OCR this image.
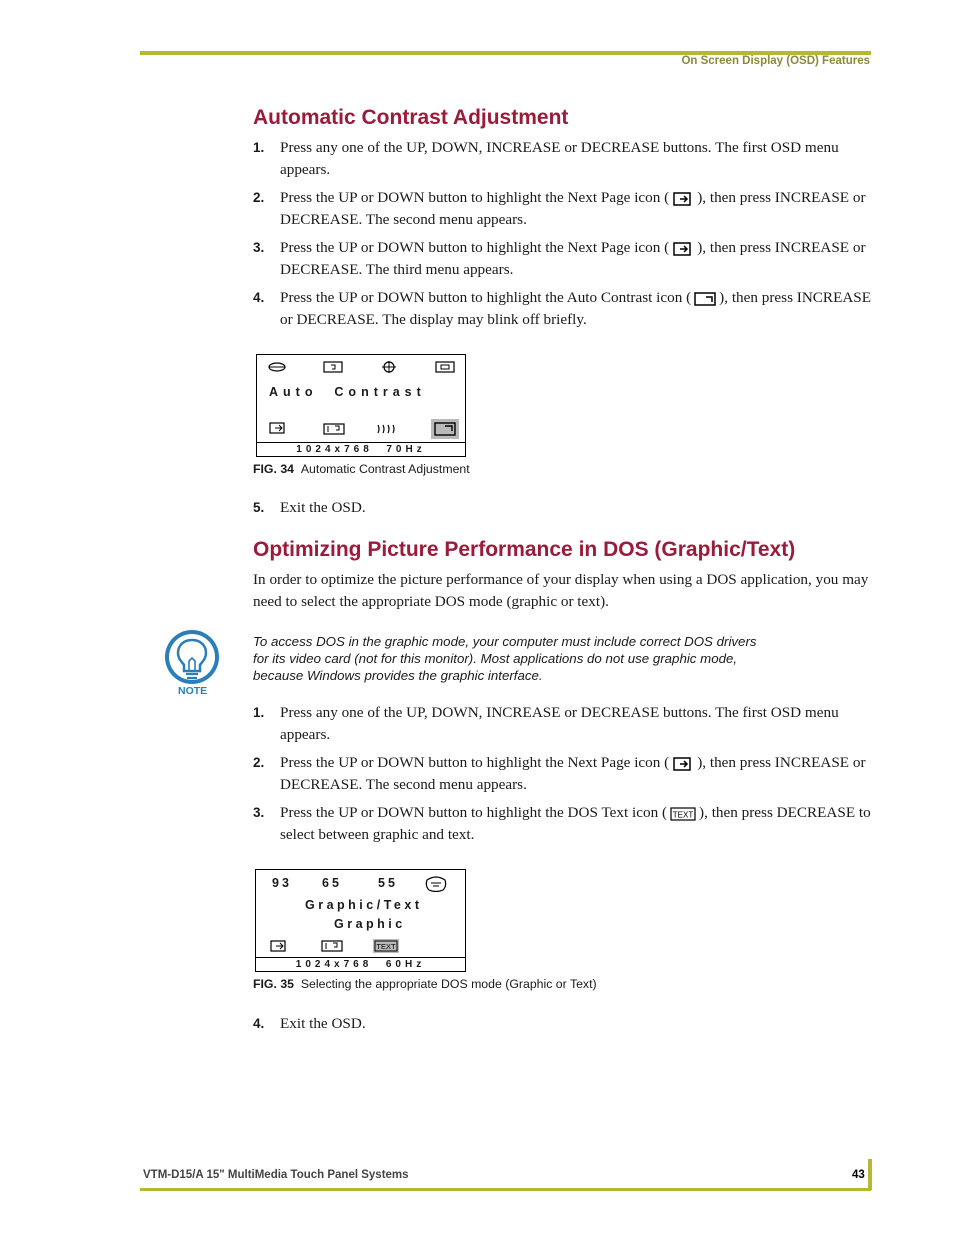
On Screen Display (OSD) Features
VTM-D15/A 15" MultiMedia Touch Panel Systems	43
Automatic Contrast Adjustment
1. Press any one of the UP, DOWN, INCREASE or DECREASE buttons. The first OSD menu appears.
2. Press the UP or DOWN button to highlight the Next Page icon ( ), then press INCREASE or DECREASE. The second menu appears.
3. Press the UP or DOWN button to highlight the Next Page icon ( ), then press INCREASE or DECREASE. The third menu appears.
4. Press the UP or DOWN button to highlight the Auto Contrast icon ( ), then press INCREASE or DECREASE. The display may blink off briefly.
Auto  Contrast
1024x768  70Hz
FIG. 34 Automatic Contrast Adjustment
5. Exit the OSD.
Optimizing Picture Performance in DOS (Graphic/Text)
In order to optimize the picture performance of your display when using a DOS application, you may need to select the appropriate DOS mode (graphic or text).
NOTE
To access DOS in the graphic mode, your computer must include correct DOS drivers
for its video card (not for this monitor). Most applications do not use graphic mode,
because Windows provides the graphic interface.
1. Press any one of the UP, DOWN, INCREASE or DECREASE buttons. The first OSD menu appears.
2. Press the UP or DOWN button to highlight the Next Page icon ( ), then press INCREASE or DECREASE. The second menu appears.
3. Press the UP or DOWN button to highlight the DOS Text icon ( TEXT ), then press DECREASE to select between graphic and text.
93 65	55
Graphic/Text
Graphic
TEXT
1024x768  60Hz
FIG. 35 Selecting the appropriate DOS mode (Graphic or Text)
4. Exit the OSD.
